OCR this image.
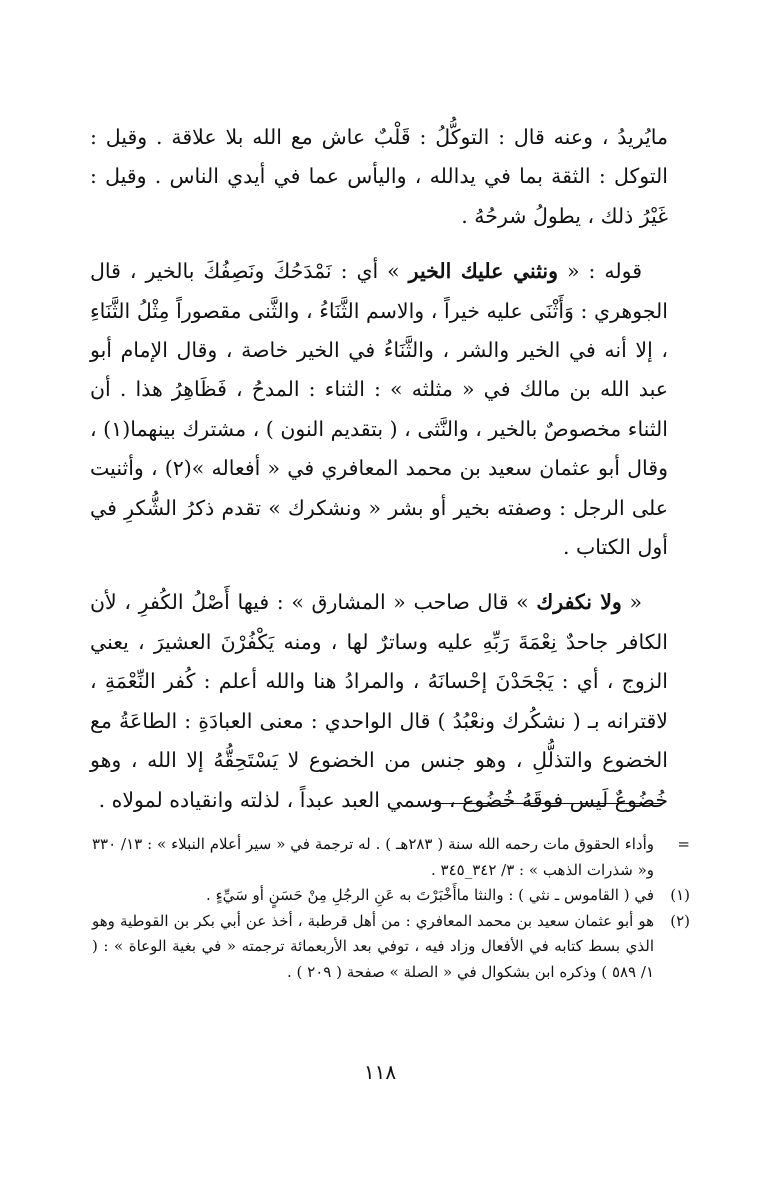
مايُريدُ ، وعنه قال : التوكُّلُ : قَلْبٌ عاش مع الله بلا علاقة . وقيل : التوكل : الثقة بما في يدالله ، واليأس عما في أيدي الناس . وقيل : غَيْرُ ذلك ، يطولُ شرحُهُ .

قوله : « ونثني عليك الخير » أي : نَمْدَحُكَ ونَصِفُكَ بالخير ، قال الجوهري : وَأَثْنَى عليه خيراً ، والاسم الثَّنَاءُ ، والثَّنى مقصوراً مِثْلُ الثَّنَاءِ ، إلا أنه في الخير والشر ، والثَّنَاءُ في الخير خاصة ، وقال الإمام أبو عبد الله بن مالك في « مثلثه » : الثناء : المدحُ ، فَظَاهِرُ هذا . أن الثناء مخصوصٌ بالخير ، والنَّثى ، ( بتقديم النون ) ، مشترك بينهما(١) ، وقال أبو عثمان سعيد بن محمد المعافري في « أفعاله »(٢) ، وأثنيت على الرجل : وصفته بخير أو بشر « ونشكرك » تقدم ذكرُ الشُّكرِ في أول الكتاب .

« ولا نكفرك » قال صاحب « المشارق » : فيها أَصْلُ الكُفرِ ، لأن الكافر جاحدٌ نِعْمَةَ رَبِّهِ عليه وساترٌ لها ، ومنه يَكْفُرْنَ العشيرَ ، يعني الزوج ، أي : يَجْحَدْنَ إحْسانَهُ ، والمرادُ هنا والله أعلم : كُفر النِّعْمَةِ ، لاقترانه بـ ( نشكُرك ونعْبُدُ ) قال الواحدي : معنى العبادَةِ : الطاعَةُ مع الخضوع والتذلُّلِ ، وهو جنس من الخضوع لا يَسْتَحِقُّهُ إلا الله ، وهو خُضُوعٌ لَيس فوقَهُ خُضُوع ، وسمي العبد عبداً ، لذلته وانقياده لمولاه .

=
وأداء الحقوق مات رحمه الله سنة ( ٢٨٣هـ ) . له ترجمة في « سير أعلام النبلاء » : ١٣/ ٣٣٠ و« شذرات الذهب » : ٣/ ٣٤٢_٣٤٥ .
(١)
في ( القاموس ـ نثي ) : والنثا ماأَخْبَرْتَ به عَنِ الرجُلِ مِنْ حَسَنٍ أو سَيِّءٍ .
(٢)
هو أبو عثمان سعيد بن محمد المعافري : من أهل قرطبة ، أخذ عن أبي بكر بن القوطية وهو الذي بسط كتابه في الأفعال وزاد فيه ، توفي بعد الأربعمائة ترجمته « في بغية الوعاة » : ( ١/ ٥٨٩ ) وذكره ابن بشكوال في « الصلة » صفحة ( ٢٠٩ ) .
١١٨
